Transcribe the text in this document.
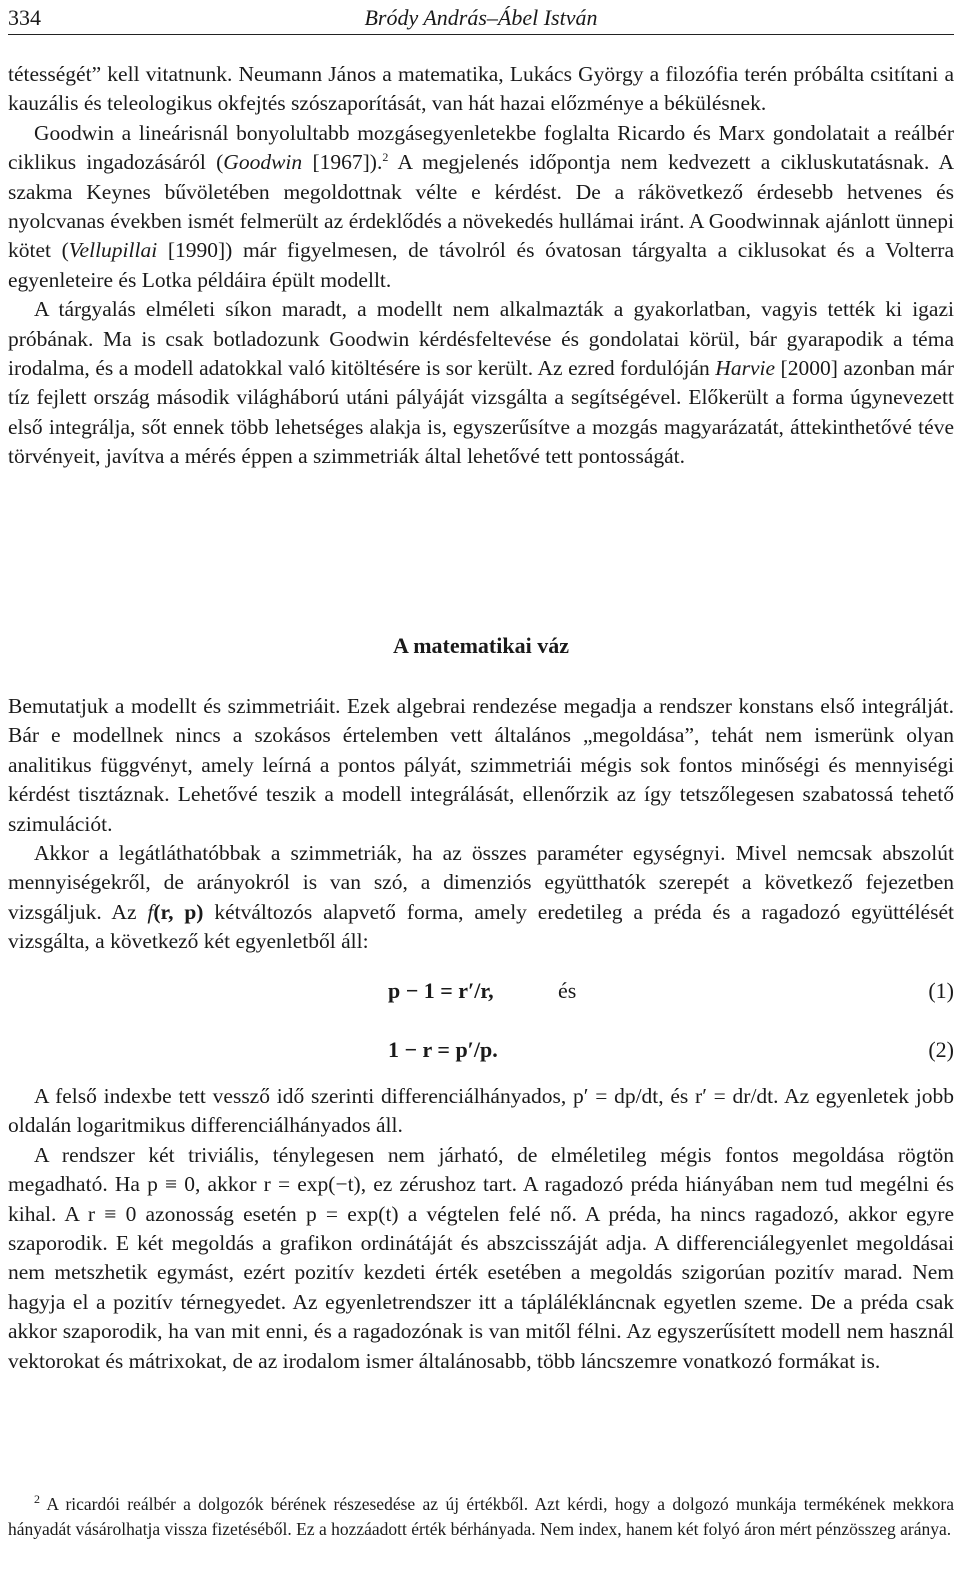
334	Bródy András–Ábel István

tétességét” kell vitatnunk. Neumann János a matematika, Lukács György a filozófia terén próbálta csitítani a kauzális és teleologikus okfejtés szószaporítását, van hát hazai előzménye a békülésnek.

Goodwin a lineárisnál bonyolultabb mozgásegyenletekbe foglalta Ricardo és Marx gondolatait a reálbér ciklikus ingadozásáról (Goodwin [1967]).$^2$ A megjelenés időpontja nem kedvezett a cikluskutatásnak. A szakma Keynes bűvöletében megoldottnak vélte e kérdést. De a rákövetkező érdesebb hetvenes és nyolcvanas években ismét felmerült az érdeklődés a növekedés hullámai iránt. A Goodwinnak ajánlott ünnepi kötet (Vellupillai [1990]) már figyelmesen, de távolról és óvatosan tárgyalta a ciklusokat és a Volterra egyenleteire és Lotka példáira épült modellt.

A tárgyalás elméleti síkon maradt, a modellt nem alkalmazták a gyakorlatban, vagyis tették ki igazi próbának. Ma is csak botladozunk Goodwin kérdésfeltevése és gondolatai körül, bár gyarapodik a téma irodalma, és a modell adatokkal való kitöltésére is sor került. Az ezred fordulóján Harvie [2000] azonban már tíz fejlett ország második világháború utáni pályáját vizsgálta a segítségével. Előkerült a forma úgynevezett első integrálja, sőt ennek több lehetséges alakja is, egyszerűsítve a mozgás magyarázatát, áttekinthetővé téve törvényeit, javítva a mérés éppen a szimmetriák által lehetővé tett pontosságát.

A matematikai váz

Bemutatjuk a modellt és szimmetriáit. Ezek algebrai rendezése megadja a rendszer konstans első integrálját. Bár e modellnek nincs a szokásos értelemben vett általános „megoldása”, tehát nem ismerünk olyan analitikus függvényt, amely leírná a pontos pályát, szimmetriái mégis sok fontos minőségi és mennyiségi kérdést tisztáznak. Lehetővé teszik a modell integrálását, ellenőrzik az így tetszőlegesen szabatossá tehető szimulációt.

Akkor a legátláthatóbbak a szimmetriák, ha az összes paraméter egységnyi. Mivel nemcsak abszolút mennyiségekről, de arányokról is van szó, a dimenziós együtthatók szerepét a következő fejezetben vizsgáljuk. Az f(r, p) kétváltozós alapvető forma, amely eredetileg a préda és a ragadozó együttélését vizsgálta, a következő két egyenletből áll:

p − 1 = r′/r,	és	(1)
1 − r = p′/p.	(2)

A felső indexbe tett vessző idő szerinti differenciálhányados, p′ = dp/dt, és r′ = dr/dt. Az egyenletek jobb oldalán logaritmikus differenciálhányados áll.

A rendszer két triviális, ténylegesen nem járható, de elméletileg mégis fontos megoldása rögtön megadható. Ha p ≡ 0, akkor r = exp(−t), ez zérushoz tart. A ragadozó préda hiányában nem tud megélni és kihal. A r ≡ 0 azonosság esetén p = exp(t) a végtelen felé nő. A préda, ha nincs ragadozó, akkor egyre szaporodik. E két megoldás a grafikon ordinátáját és abszcisszáját adja. A differenciálegyenlet megoldásai nem metszhetik egymást, ezért pozitív kezdeti érték esetében a megoldás szigorúan pozitív marad. Nem hagyja el a pozitív térnegyedet. Az egyenletrendszer itt a táplálékláncnak egyetlen szeme. De a préda csak akkor szaporodik, ha van mit enni, és a ragadozónak is van mitől félni. Az egyszerűsített modell nem használ vektorokat és mátrixokat, de az irodalom ismer általánosabb, több láncszemre vonatkozó formákat is.

$^2$ A ricardói reálbér a dolgozók bérének részesedése az új értékből. Azt kérdi, hogy a dolgozó munkája termékének mekkora hányadát vásárolhatja vissza fizetéséből. Ez a hozzáadott érték bérhányada. Nem index, hanem két folyó áron mért pénzösszeg aránya.
